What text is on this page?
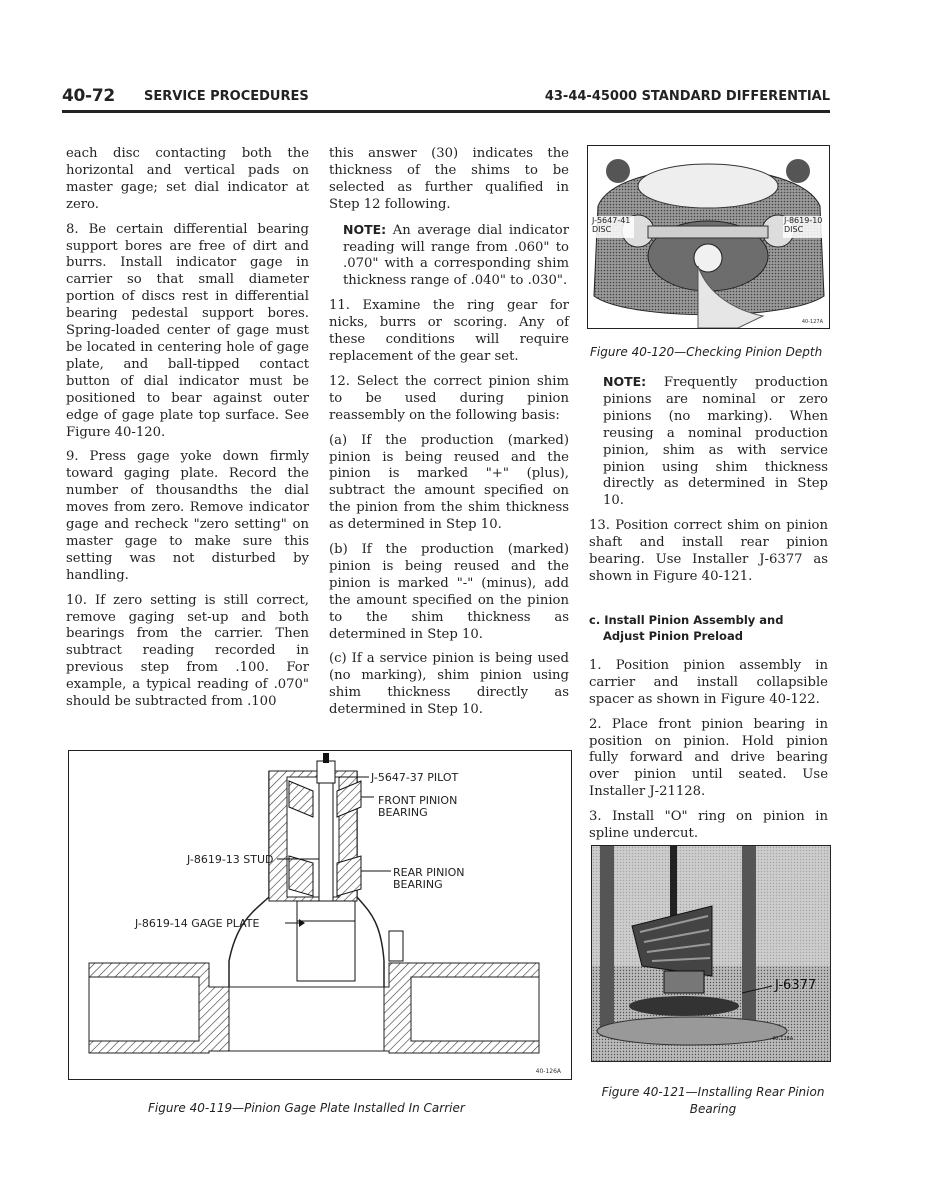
40-72 SERVICE PROCEDURES	43-44-45000 STANDARD DIFFERENTIAL

each disc contacting both the horizontal and vertical pads on master gage; set dial indicator at zero.

8. Be certain differential bearing support bores are free of dirt and burrs. Install indicator gage in carrier so that small diameter portion of discs rest in differential bearing pedestal support bores. Spring-loaded center of gage must be located in centering hole of gage plate, and ball-tipped contact button of dial indicator must be positioned to bear against outer edge of gage plate top surface. See Figure 40-120.

9. Press gage yoke down firmly toward gaging plate. Record the number of thousandths the dial moves from zero. Remove indicator gage and recheck "zero setting" on master gage to make sure this setting was not disturbed by handling.

10. If zero setting is still correct, remove gaging set-up and both bearings from the carrier. Then subtract reading recorded in previous step from .100. For example, a typical reading of .070" should be subtracted from .100

this answer (30) indicates the thickness of the shims to be selected as further qualified in Step 12 following.

NOTE: An average dial indicator reading will range from .060" to .070" with a corresponding shim thickness range of .040" to .030".

11. Examine the ring gear for nicks, burrs or scoring. Any of these conditions will require replacement of the gear set.

12. Select the correct pinion shim to be used during pinion reassembly on the following basis:

(a) If the production (marked) pinion is being reused and the pinion is marked "+" (plus), subtract the amount specified on the pinion from the shim thickness as determined in Step 10.

(b) If the production (marked) pinion is being reused and the pinion is marked "-" (minus), add the amount specified on the pinion to the shim thickness as determined in Step 10.

(c) If a service pinion is being used (no marking), shim pinion using shim thickness directly as determined in Step 10.

J-5647-41
DISC
J-8619-10
DISC
40-127A
Figure 40-120—Checking Pinion Depth
NOTE: Frequently production pinions are nominal or zero pinions (no marking). When reusing a nominal production pinion, shim as with service pinion using shim thickness directly as determined in Step 10.

13. Position correct shim on pinion shaft and install rear pinion bearing. Use Installer J-6377 as shown in Figure 40-121.

c. Install Pinion Assembly and
Adjust Pinion Preload

1. Position pinion assembly in carrier and install collapsible spacer as shown in Figure 40-122.

2. Place front pinion bearing in position on pinion. Hold pinion fully forward and drive bearing over pinion until seated. Use Installer J-21128.

3. Install "O" ring on pinion in spline undercut.

J-6377
40-128A
Figure 40-121—Installing Rear Pinion
Bearing
J-5647-37 PILOT
FRONT PINION
BEARING
J-8619-13 STUD
REAR PINION
BEARING
J-8619-14 GAGE PLATE
40-126A
Figure 40-119—Pinion Gage Plate Installed In Carrier
